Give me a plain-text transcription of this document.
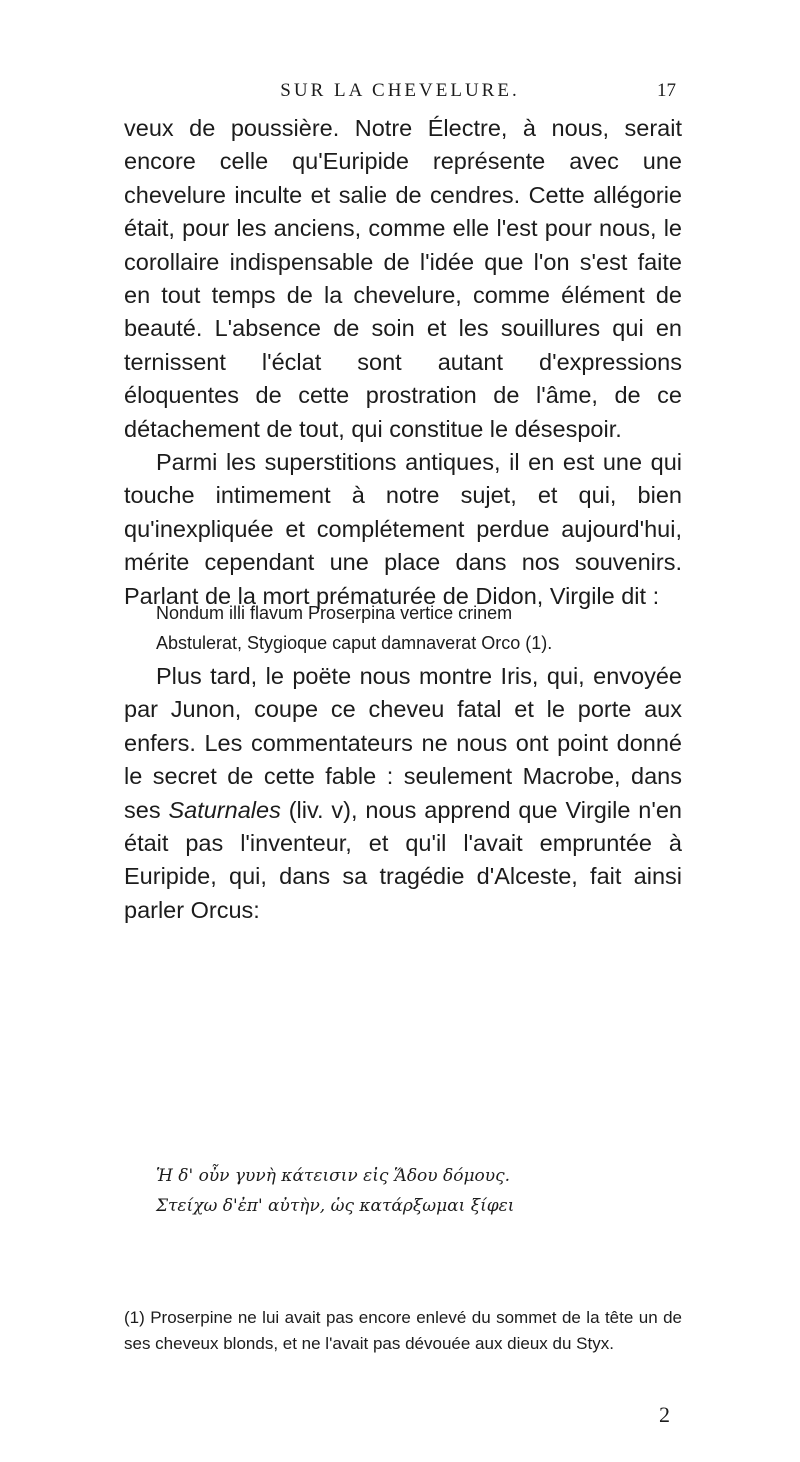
SUR LA CHEVELURE.	17

veux de poussière. Notre Électre, à nous, serait encore celle qu'Euripide représente avec une chevelure inculte et salie de cendres. Cette allégorie était, pour les anciens, comme elle l'est pour nous, le corollaire indispensable de l'idée que l'on s'est faite en tout temps de la chevelure, comme élément de beauté. L'absence de soin et les souillures qui en ternissent l'éclat sont autant d'expressions éloquentes de cette prostration de l'âme, de ce détachement de tout, qui constitue le désespoir.

Parmi les superstitions antiques, il en est une qui touche intimement à notre sujet, et qui, bien qu'inexpliquée et complétement perdue aujourd'hui, mérite cependant une place dans nos souvenirs. Parlant de la mort prématurée de Didon, Virgile dit :

Nondum illi flavum Proserpina vertice crinem
Abstulerat, Stygioque caput damnaverat Orco (1).

Plus tard, le poëte nous montre Iris, qui, envoyée par Junon, coupe ce cheveu fatal et le porte aux enfers. Les commentateurs ne nous ont point donné le secret de cette fable : seulement Macrobe, dans ses Saturnales (liv. v), nous apprend que Virgile n'en était pas l'inventeur, et qu'il l'avait empruntée à Euripide, qui, dans sa tragédie d'Alceste, fait ainsi parler Orcus:

Ἡ δ' οὖν γυνὴ κάτεισιν εἰς Ἅδου δόμους.
Στείχω δ'ἐπ' αὐτὴν, ὡς κατάρξωμαι ξίφει
(1) Proserpine ne lui avait pas encore enlevé du sommet de la tête un de ses cheveux blonds, et ne l'avait pas dévouée aux dieux du Styx.
2
